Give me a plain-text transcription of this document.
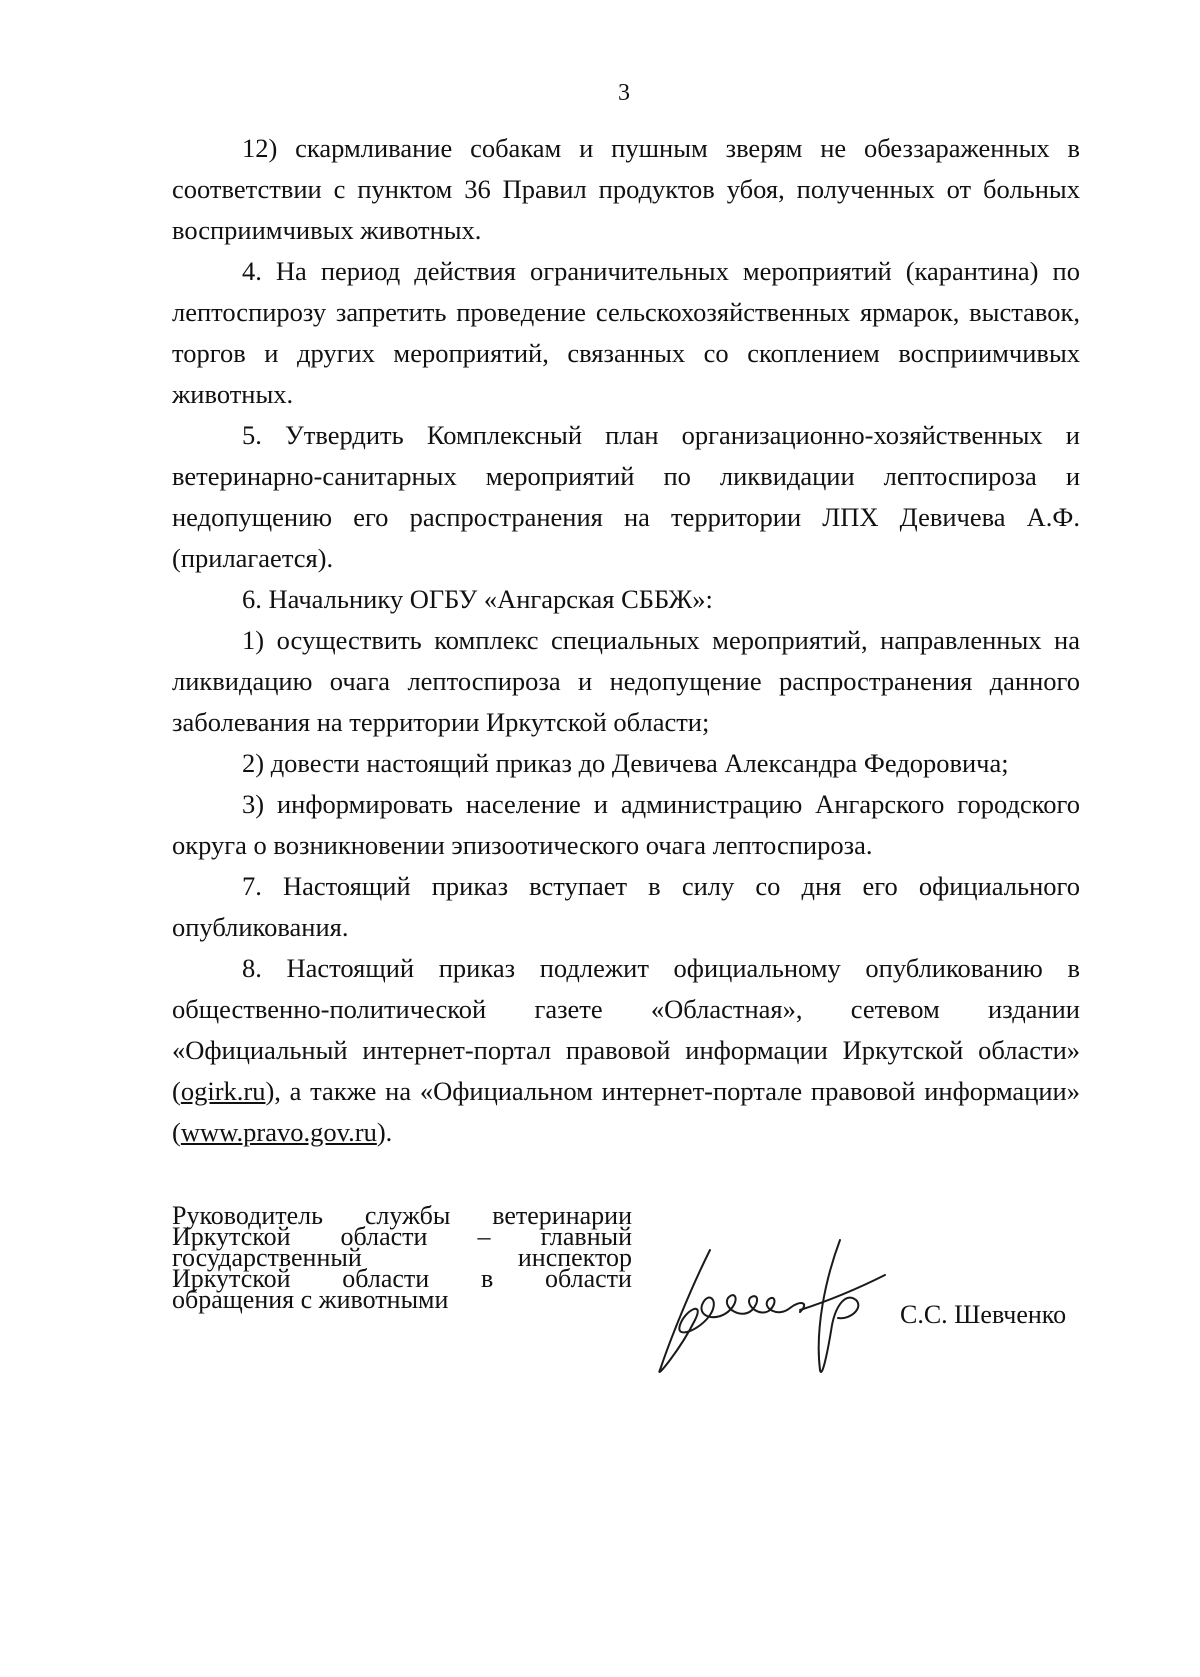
3

12) скармливание собакам и пушным зверям не обеззараженных в соответствии с пунктом 36 Правил продуктов убоя, полученных от больных восприимчивых животных.

4. На период действия ограничительных мероприятий (карантина) по лептоспирозу запретить проведение сельскохозяйственных ярмарок, выставок, торгов и других мероприятий, связанных со скоплением восприимчивых животных.

5. Утвердить Комплексный план организационно-хозяйственных и ветеринарно-санитарных мероприятий по ликвидации лептоспироза и недопущению его распространения на территории ЛПХ Девичева А.Ф. (прилагается).

6. Начальнику ОГБУ «Ангарская СББЖ»:

1) осуществить комплекс специальных мероприятий, направленных на ликвидацию очага лептоспироза и недопущение распространения данного заболевания на территории Иркутской области;

2) довести настоящий приказ до Девичева Александра Федоровича;

3) информировать население и администрацию Ангарского городского округа о возникновении эпизоотического очага лептоспироза.

7. Настоящий приказ вступает в силу со дня его официального опубликования.

8. Настоящий приказ подлежит официальному опубликованию в общественно-политической газете «Областная», сетевом издании «Официальный интернет-портал правовой информации Иркутской области» (ogirk.ru), а также на «Официальном интернет-портале правовой информации» (www.pravo.gov.ru).

Руководитель службы ветеринарии
Иркутской области – главный
государственный	инспектор
Иркутской области в области
обращения с животными
С.С. Шевченко
